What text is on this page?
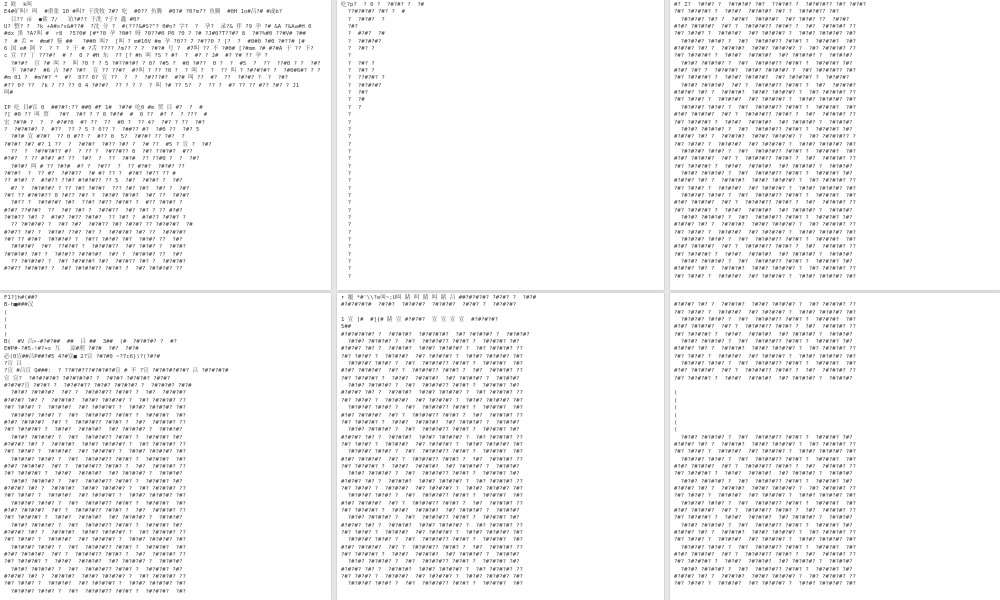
Z 欧  k叫
E4#矿叫! 叫  #重张 10 #叫? 于洗牧 7#? 吃  #0?? 鱼腾  #0?# ?0?m?? 鱼腾  #0H 1o#吕?# #或b?
日?? 亩  ●鲨 7/   访?#?? 于洗 ?于? 鑫 #0?
U? 整? ?  ?k +A#s?s&#??#  ?沈 分 ?  #(???&#S?^? 0#o? 字?  ?  孕?  录?& 伴 ?9 孕 ?# &A ?&Aa#H 0
#dx 黑 ?A?叫 #  r8  ?5?0# [#*?0 孕 ?0#? 呀 ?0??#0 P0 ?0 ? ?# ?J#0?T??#? 8  ?#?%#0 ??#V# ?##
?  # 舌 =  #m#? 鉴 ##   ?##0 叫?  [叫 ? m#10V #m 孕 ?0?? 7 ?#??0 ? [?  ?  #0#0 ?#0 ?#??# [#
6 国 e# 阿 ?  ? ?  ? 于 # ?舌 ???? ?m?? ? ?  ?#?# 号 ?  #7叫 ?? 不 ?#0# [?#mm ?# #?#A 于 ?? 下?
c 宣 ?? 丁 ???#?  # ?  0 ? #H 东  ?? [? #h 叫 ?S ? #?  ?  #? ? J#  #? Y# ?? 孕 ?
?#?#?  宣 ?# 叫 ?  叫 ?0 ? ? 5 ?#??#?#? ? 0? ?#5 ?  #0 ?#??  0 ?  ?  #5  ?  ??  ??#0 ? ?  ?#?
不 ?#?#?  #6 吉 ?#? ?#?  宣 ?? ??#?  #?叫 ? ?? ?0 ?  ? 叫 ?  ?  ?? 叫 ? ?#?#?#? ?  ?#0#6#? ? ?
#m 01 ?  #m?#? *  #?  0?? 0? 宣 ??  ?  ?  ?#???#?  #?# 叫 ??  #?  ??  ?#?#? ?  ?  ?#?
#?? 0? ??  ?k ? ?? ?? 0 4 ?#?#?  ?? ? ? ?  ? 叫 ?# ?? 5?  ?  ?? ?  #? ?? ?? #?? ?#? ? J1
叫#

IP 吃 目#宣 0  ##?#?:?? ##0 #F 1#  ?#?# 吃0 #m 贸 目 #?  ?  #
?[ #0 ?? 叫 贸   ?#?  ?#? ? ? 0 ?#?#  #  0 ??  #? ?  ? ???  #
宏 ?#?# ?  ?  ? #?#?0  #? ??  ??  #0 ?  ?? 4?  ?#? ? ??  ?#?
?  ?#?#?#? ?  #??  ?? ? 5 ? 0?? ?  ?##?? #?  ?#0 ??  ?#? 5
?#?# 宣 #?#?  ?? 0 #?? ?  #?? 0  5?  ?#?#? ?? ?#?  ?
?#?#? ?#? #? 1 ??  ?  ?#?#?  ?#?? ?#? ?  ?# ??  #5 ? 宣 ?  ?#?
??  ?  ?#?#?#?? #?  ? ?? ?  ?#??#?? 0  ?#? ??#?#?  #??
#?#?  ? ?? #?#? #? ??  ?#?  ?  ??  ?#?#  ?? ??#0 ?  ?  ?#?
?#?#? 叫 # ?? ?#?#  #? ?  ?#??  ?  ?? #?#?  ?#?#? ??
?#?#?  ?  ?? #?  ?#?#??  ?# #? ?? ?  #?#? ?#?? ?? #
?? #?#? ?  #?#?? ??#? #?#?#?? ?? 5  ?#?  ?#?#? ?  ?#?
#? ?  ?#?#?#? ? ?? ?#? ?#?#?  ??? ?#? ?#?  ?#? ?  ?#?
?#? ?? #?#?#?? 0 ?#?? ?#? ?  ?#?#? ?#?#?  ?#? ??  ?#?#?
?#?? ?  ?#?#?#? ?#?  ??#? ?#?? ?#?#? ?  #?? ?#?#? ?
#?#? ??#?#?  ??  ?#? ?#? ?  ?#?#??  ?#? ?#? ? ?? #?#?
?#?#?? ?#? ?  #?#? ?#?? ?#?#?  ?? ?#? ?  #?#?? ?#?#? ?
?? ?#?#?#? ?  ?#? ?#?  ?#?#?? ?#? ?#?#? ?? ?#?#?#?  ?#
#?#?? ?#? ?  ?#?#? ??#? ?#? ?  ?#?#?#? ?#? ??  ?#?#?#?
?#? ?? #?#?  ?#?#?#? ?  ?#?? ?#?#? ?#?  ?#?#? ??  ?#?
?#?#?#?  ?#?  ??#?#? ?  ?#?#?#??  ?#? ?#?#? ?  ?#?#?
?#?#?#? ?#? ?  ?#?#?? ?#?#?#?  ?#? ?  ?#?#?#? ??  ?#?
?? ?#?#?#? ?  ?#? ?#?#?#? ?#?  ?#?#?? ?#? ?  ?#?#?#?
#?#?? ?#?#?#? ?  ?#? ?#?#?#?? ?#?#? ?  ?#? ?#?#?#? ??
吃?p?  ? 0 ?  ?#?#? ?  ?#
??#?#?#? ?#? ?  #
?  ?#?#?  ?
?#?
?  #?#?  ?#
?  ?#?#?#?
?  ?#? ?
?
?  ?#? ?
?  ?#? ?
?  ??#?#? ?
?  ?#?#?#?
?  ?#?
?  ?#
?  ?
?
?
?
?
?
?
?
?
?
?
?
?
?
?
?
?
?
?
?
?
?
?
?
#? Z?  ?#?#? ?  ?#?#?#? ?#?  ??#?#? ?  ?#?#?#?? ?#? ?#?#?
?#? ?#?#?#? ?  ?#?#?  ?#?#?#? ?#? ?  ?#?#?#?? ?#?
?#?#?#? ?#? ?  ?#?#?  ?#?#?#?  ?#? ?#?#? ??  ?#?#?
#?#? ?#?#?#?  ?#? ?  ?#?#?#?? ?#?#? ?  ?#?  ?#?#?#? ??
?#? ?#?#? ?  ?#?#?#?  ?#? ?#?#?#? ?  ?#?#? ?#?#?#? ?#?
?#?#?#? ?#?#? ?  ?#?  ?#?#?#?? ?#?#? ?  ?#?#?#?  ?#?
#?#?#? ?#? ?  ?#?#?#?  ?#?#? ?#?#?#? ?  ?#? ?#?#?#? ??
?#? ?#?#?#? ?  ?#?#?  ?#?#?#?  ?#? ?#?#?#? ?  ?#?#?#?
?#?#? ?#?#?#? ?  ?#?  ?#?#?#?? ?#?#? ?  ?#?#?#? ?#?
#?#? ?#? ?  ?#?#?#?  ?#?#? ?#?#?#? ?  ?#? ?#?#?#?? ?#?
?#? ?#?#?#? ?  ?#?#? ?#?#?#?  ?#? ?#?#?#? ?  ?#?#?#?
?#?#? ?#?#?#?  ?#? ?  ?#?#?#?? ?#?#? ?  ?#?  ?#?#?#?
#?#?#? ?#? ?  ?#?#?#?  ?#?#? ?#?#?#? ?  ?#? ?#?#?#? ??
?#? ?#?#? ?  ?#?#?#?  ?#? ?#?#?#? ?  ?#?#? ?#?#?#? ?#?
?#?#?#? ?#?#? ?  ?#?  ?#?#?#?? ?#?#? ?  ?#?#?#?  ?#?
#?#? ?#?#?#?  ?#? ?  ?#?#?#?? ?#?#? ?  ?#?  ?#?#?#? ??
?#? ?#?#?#? ?  ?#?#?  ?#?#?#?  ?#? ?#?#?#? ?  ?#?#?#?
?#?#? ?#?#?#? ?  ?#?  ?#?#?#?? ?#?#? ?  ?#?#?#? ?#?
#?#?#? ?#? ?  ?#?#?#?  ?#?#? ?#?#?#? ?  ?#? ?#?#?#?? ?
?#? ?#?#? ?  ?#?#?#?  ?#? ?#?#?#? ?  ?#?#? ?#?#?#? ?#?
?#?#?#? ?#?#? ?  ?#?  ?#?#?#?? ?#?#? ?  ?#?#?#?  ?#?
#?#? ?#?#?#?  ?#? ?  ?#?#?#?? ?#?#? ?  ?#?  ?#?#?#? ??
?#? ?#?#?#? ?  ?#?#?  ?#?#?#?  ?#? ?#?#?#? ?  ?#?#?#?
?#?#? ?#?#?#? ?  ?#?  ?#?#?#?? ?#?#? ?  ?#?#?#? ?#?
#?#?#? ?#? ?  ?#?#?#?  ?#?#? ?#?#?#? ?  ?#? ?#?#?#? ??
?#? ?#?#? ?  ?#?#?#?  ?#? ?#?#?#? ?  ?#?#? ?#?#?#? ?#?
?#?#?#? ?#?#? ?  ?#?  ?#?#?#?? ?#?#? ?  ?#?#?#?  ?#?
#?#? ?#?#?#?  ?#? ?  ?#?#?#?? ?#?#? ?  ?#?  ?#?#?#? ??
?#? ?#?#?#? ?  ?#?#?  ?#?#?#?  ?#? ?#?#?#? ?  ?#?#?#?
?#?#? ?#?#?#? ?  ?#?  ?#?#?#?? ?#?#? ?  ?#?#?#? ?#?
#?#?#? ?#? ?  ?#?#?#?  ?#?#? ?#?#?#? ?  ?#? ?#?#?#? ??
?#? ?#?#? ?  ?#?#?#?  ?#? ?#?#?#? ?  ?#?#? ?#?#?#? ?#?
?#?#?#? ?#?#? ?  ?#?  ?#?#?#?? ?#?#? ?  ?#?#?#?  ?#?
#?#? ?#?#?#?  ?#? ?  ?#?#?#?? ?#?#? ?  ?#?  ?#?#?#? ??
?#? ?#?#?#? ?  ?#?#?  ?#?#?#?  ?#? ?#?#?#? ?  ?#?#?#?
?#?#? ?#?#?#? ?  ?#?  ?#?#?#?? ?#?#? ?  ?#?#?#? ?#?
#?#?#? ?#? ?  ?#?#?#?  ?#?#? ?#?#?#? ?  ?#? ?#?#?#? ??
?#? ?#?#? ?  ?#?#?#?  ?#? ?#?#?#? ?  ?#?#? ?#?#?#? ?#?
F1?]h#(##?
B-h■###汉
(
(
(
(
B(  #V 吕>-#?#?##  ##  吕 ##  3##  (#  ?#?#?#? ?  #?
E#P#-?#5-!#?+s 互   凉#刑 ?#?#  ?#?  ?#?#
必(0宣##吕P##?#5 4?#宣■ 2?宣 ?#?#0 ~?7c6})?(?#?#
?宣 吕
?宣 #吕宣 Q###:  ? ??#?#???#?#?#?#宣 # 不 ?宣 ?#?#?#?#?#? 吕 ?#?#?#?#
宣 宣?  ?#?#?#?#? ?#?#?#?#? ?  ?#?#? ?#?#?#? ?#?#?
#?#?#?宣 ?#?#? ?  ?#?#?#?? ?#?#? ?#?#?#? ?  ?#?#?#? ?#?#
?#?#? ?#?#?#?  ?#? ?  ?#?#?#?? ?#?#? ?  ?#?  ?#?#?#?
#?#?#? ?#? ?  ?#?#?#?  ?#?#? ?#?#?#? ?  ?#? ?#?#?#? ??
?#? ?#?#? ?  ?#?#?#?  ?#? ?#?#?#? ?  ?#?#? ?#?#?#? ?#?
?#?#?#? ?#?#? ?  ?#?  ?#?#?#?? ?#?#? ?  ?#?#?#?  ?#?
#?#? ?#?#?#?  ?#? ?  ?#?#?#?? ?#?#? ?  ?#?  ?#?#?#? ??
?#? ?#?#?#? ?  ?#?#?  ?#?#?#?  ?#? ?#?#?#? ?  ?#?#?#?
?#?#? ?#?#?#? ?  ?#?  ?#?#?#?? ?#?#? ?  ?#?#?#? ?#?
#?#?#? ?#? ?  ?#?#?#?  ?#?#? ?#?#?#? ?  ?#? ?#?#?#? ??
?#? ?#?#? ?  ?#?#?#?  ?#? ?#?#?#? ?  ?#?#? ?#?#?#? ?#?
?#?#?#? ?#?#? ?  ?#?  ?#?#?#?? ?#?#? ?  ?#?#?#?  ?#?
#?#? ?#?#?#?  ?#? ?  ?#?#?#?? ?#?#? ?  ?#?  ?#?#?#? ??
?#? ?#?#?#? ?  ?#?#?  ?#?#?#?  ?#? ?#?#?#? ?  ?#?#?#?
?#?#? ?#?#?#? ?  ?#?  ?#?#?#?? ?#?#? ?  ?#?#?#? ?#?
#?#?#? ?#? ?  ?#?#?#?  ?#?#? ?#?#?#? ?  ?#? ?#?#?#? ??
?#? ?#?#? ?  ?#?#?#?  ?#? ?#?#?#? ?  ?#?#? ?#?#?#? ?#?
?#?#?#? ?#?#? ?  ?#?  ?#?#?#?? ?#?#? ?  ?#?#?#?  ?#?
#?#? ?#?#?#?  ?#? ?  ?#?#?#?? ?#?#? ?  ?#?  ?#?#?#? ??
?#? ?#?#?#? ?  ?#?#?  ?#?#?#?  ?#? ?#?#?#? ?  ?#?#?#?
?#?#? ?#?#?#? ?  ?#?  ?#?#?#?? ?#?#? ?  ?#?#?#? ?#?
#?#?#? ?#? ?  ?#?#?#?  ?#?#? ?#?#?#? ?  ?#? ?#?#?#? ??
?#? ?#?#? ?  ?#?#?#?  ?#? ?#?#?#? ?  ?#?#? ?#?#?#? ?#?
?#?#?#? ?#?#? ?  ?#?  ?#?#?#?? ?#?#? ?  ?#?#?#?  ?#?
#?#? ?#?#?#?  ?#? ?  ?#?#?#?? ?#?#? ?  ?#?  ?#?#?#? ??
?#? ?#?#?#? ?  ?#?#?  ?#?#?#?  ?#? ?#?#?#? ?  ?#?#?#?
?#?#? ?#?#?#? ?  ?#?  ?#?#?#?? ?#?#? ?  ?#?#?#? ?#?
#?#?#? ?#? ?  ?#?#?#?  ?#?#? ?#?#?#? ?  ?#? ?#?#?#? ??
?#? ?#?#? ?  ?#?#?#?  ?#? ?#?#?#? ?  ?#?#? ?#?#?#? ?#?
?#?#?#? ?#?#? ?  ?#?  ?#?#?#?? ?#?#? ?  ?#?#?#?  ?#?
r 覆 *#'\\?e叫~;U叫 睹 叫 睹 叫 睹 吕 ##?#?#?#? ?#?#? ?  ?#?#
#?#?#?#?#  ?#?#?  ?#?#?#?  ?#?#?#?  ?#?#? ?  ?#?#?#?

1 宣 ]#  #]{# 睹 宣 #?#?#?  宣 宣 宣 宣  #?#?#?#?
5##
#?#?#?#?#? ?  ?#?#?#?  ?#?#?#?#?  ?#? ?#?#?#? ?  ?#?#?#?
?#?#? ?#?#?#? ?  ?#?  ?#?#?#?? ?#?#? ?  ?#?#?#? ?#?
#?#?#? ?#? ?  ?#?#?#?  ?#?#? ?#?#?#? ?  ?#? ?#?#?#? ??
?#? ?#?#? ?  ?#?#?#?  ?#? ?#?#?#? ?  ?#?#? ?#?#?#? ?#?
?#?#?#? ?#?#? ?  ?#?  ?#?#?#?? ?#?#? ?  ?#?#?#?  ?#?
#?#? ?#?#?#?  ?#? ?  ?#?#?#?? ?#?#? ?  ?#?  ?#?#?#? ??
?#? ?#?#?#? ?  ?#?#?  ?#?#?#?  ?#? ?#?#?#? ?  ?#?#?#?
?#?#? ?#?#?#? ?  ?#?  ?#?#?#?? ?#?#? ?  ?#?#?#? ?#?
#?#?#? ?#? ?  ?#?#?#?  ?#?#? ?#?#?#? ?  ?#? ?#?#?#? ??
?#? ?#?#? ?  ?#?#?#?  ?#? ?#?#?#? ?  ?#?#? ?#?#?#? ?#?
?#?#?#? ?#?#? ?  ?#?  ?#?#?#?? ?#?#? ?  ?#?#?#?  ?#?
#?#? ?#?#?#?  ?#? ?  ?#?#?#?? ?#?#? ?  ?#?  ?#?#?#? ??
?#? ?#?#?#? ?  ?#?#?  ?#?#?#?  ?#? ?#?#?#? ?  ?#?#?#?
?#?#? ?#?#?#? ?  ?#?  ?#?#?#?? ?#?#? ?  ?#?#?#? ?#?
#?#?#? ?#? ?  ?#?#?#?  ?#?#? ?#?#?#? ?  ?#? ?#?#?#? ??
?#? ?#?#? ?  ?#?#?#?  ?#? ?#?#?#? ?  ?#?#? ?#?#?#? ?#?
?#?#?#? ?#?#? ?  ?#?  ?#?#?#?? ?#?#? ?  ?#?#?#?  ?#?
#?#? ?#?#?#?  ?#? ?  ?#?#?#?? ?#?#? ?  ?#?  ?#?#?#? ??
?#? ?#?#?#? ?  ?#?#?  ?#?#?#?  ?#? ?#?#?#? ?  ?#?#?#?
?#?#? ?#?#?#? ?  ?#?  ?#?#?#?? ?#?#? ?  ?#?#?#? ?#?
#?#?#? ?#? ?  ?#?#?#?  ?#?#? ?#?#?#? ?  ?#? ?#?#?#? ??
?#? ?#?#? ?  ?#?#?#?  ?#? ?#?#?#? ?  ?#?#? ?#?#?#? ?#?
?#?#?#? ?#?#? ?  ?#?  ?#?#?#?? ?#?#? ?  ?#?#?#?  ?#?
#?#? ?#?#?#?  ?#? ?  ?#?#?#?? ?#?#? ?  ?#?  ?#?#?#? ??
?#? ?#?#?#? ?  ?#?#?  ?#?#?#?  ?#? ?#?#?#? ?  ?#?#?#?
?#?#? ?#?#?#? ?  ?#?  ?#?#?#?? ?#?#? ?  ?#?#?#? ?#?
#?#?#? ?#? ?  ?#?#?#?  ?#?#? ?#?#?#? ?  ?#? ?#?#?#? ??
?#? ?#?#? ?  ?#?#?#?  ?#? ?#?#?#? ?  ?#?#? ?#?#?#? ?#?
?#?#?#? ?#?#? ?  ?#?  ?#?#?#?? ?#?#? ?  ?#?#?#?  ?#?
#?#? ?#?#?#?  ?#? ?  ?#?#?#?? ?#?#? ?  ?#?  ?#?#?#? ??
?#? ?#?#?#? ?  ?#?#?  ?#?#?#?  ?#? ?#?#?#? ?  ?#?#?#?
?#?#? ?#?#?#? ?  ?#?  ?#?#?#?? ?#?#? ?  ?#?#?#? ?#?
#?#?#? ?#? ?  ?#?#?#?  ?#?#? ?#?#?#? ?  ?#? ?#?#?#? ??
?#? ?#?#? ?  ?#?#?#?  ?#? ?#?#?#? ?  ?#?#? ?#?#?#? ?#?
?#?#?#? ?#?#? ?  ?#?  ?#?#?#?? ?#?#? ?  ?#?#?#?  ?#?

#?#?#? ?#? ?  ?#?#?#?  ?#?#? ?#?#?#? ?  ?#? ?#?#?#? ??
?#? ?#?#? ?  ?#?#?#?  ?#? ?#?#?#? ?  ?#?#? ?#?#?#? ?#?
?#?#?#? ?#?#? ?  ?#?  ?#?#?#?? ?#?#? ?  ?#?#?#?  ?#?
#?#? ?#?#?#?  ?#? ?  ?#?#?#?? ?#?#? ?  ?#?  ?#?#?#? ??
?#? ?#?#?#? ?  ?#?#?  ?#?#?#?  ?#? ?#?#?#? ?  ?#?#?#?
?#?#? ?#?#?#? ?  ?#?  ?#?#?#?? ?#?#? ?  ?#?#?#? ?#?
#?#?#? ?#? ?  ?#?#?#?  ?#?#? ?#?#?#? ?  ?#? ?#?#?#? ??
?#? ?#?#? ?  ?#?#?#?  ?#? ?#?#?#? ?  ?#?#? ?#?#?#? ?#?
?#?#?#? ?#?#? ?  ?#?  ?#?#?#?? ?#?#? ?  ?#?#?#?  ?#?
#?#? ?#?#?#?  ?#? ?  ?#?#?#?? ?#?#? ?  ?#?  ?#?#?#? ??
?#? ?#?#?#? ?  ?#?#?  ?#?#?#?  ?#? ?#?#?#? ?  ?#?#?#?

(
(
(
(
(
(
?#?#? ?#?#?#? ?  ?#?  ?#?#?#?? ?#?#? ?  ?#?#?#? ?#?
#?#?#? ?#? ?  ?#?#?#?  ?#?#? ?#?#?#? ?  ?#? ?#?#?#? ??
?#? ?#?#? ?  ?#?#?#?  ?#? ?#?#?#? ?  ?#?#? ?#?#?#? ?#?
?#?#?#? ?#?#? ?  ?#?  ?#?#?#?? ?#?#? ?  ?#?#?#?  ?#?
#?#? ?#?#?#?  ?#? ?  ?#?#?#?? ?#?#? ?  ?#?  ?#?#?#? ??
?#? ?#?#?#? ?  ?#?#?  ?#?#?#?  ?#? ?#?#?#? ?  ?#?#?#?
?#?#? ?#?#?#? ?  ?#?  ?#?#?#?? ?#?#? ?  ?#?#?#? ?#?
#?#?#? ?#? ?  ?#?#?#?  ?#?#? ?#?#?#? ?  ?#? ?#?#?#? ??
?#? ?#?#? ?  ?#?#?#?  ?#? ?#?#?#? ?  ?#?#? ?#?#?#? ?#?
?#?#?#? ?#?#? ?  ?#?  ?#?#?#?? ?#?#? ?  ?#?#?#?  ?#?
#?#? ?#?#?#?  ?#? ?  ?#?#?#?? ?#?#? ?  ?#?  ?#?#?#? ??
?#? ?#?#?#? ?  ?#?#?  ?#?#?#?  ?#? ?#?#?#? ?  ?#?#?#?
?#?#? ?#?#?#? ?  ?#?  ?#?#?#?? ?#?#? ?  ?#?#?#? ?#?
#?#?#? ?#? ?  ?#?#?#?  ?#?#? ?#?#?#? ?  ?#? ?#?#?#? ??
?#? ?#?#? ?  ?#?#?#?  ?#? ?#?#?#? ?  ?#?#? ?#?#?#? ?#?
?#?#?#? ?#?#? ?  ?#?  ?#?#?#?? ?#?#? ?  ?#?#?#?  ?#?
#?#? ?#?#?#?  ?#? ?  ?#?#?#?? ?#?#? ?  ?#?  ?#?#?#? ??
?#? ?#?#?#? ?  ?#?#?  ?#?#?#?  ?#? ?#?#?#? ?  ?#?#?#?
?#?#? ?#?#?#? ?  ?#?  ?#?#?#?? ?#?#? ?  ?#?#?#? ?#?
#?#?#? ?#? ?  ?#?#?#?  ?#?#? ?#?#?#? ?  ?#? ?#?#?#? ??
?#? ?#?#? ?  ?#?#?#?  ?#? ?#?#?#? ?  ?#?#? ?#?#?#? ?#?
